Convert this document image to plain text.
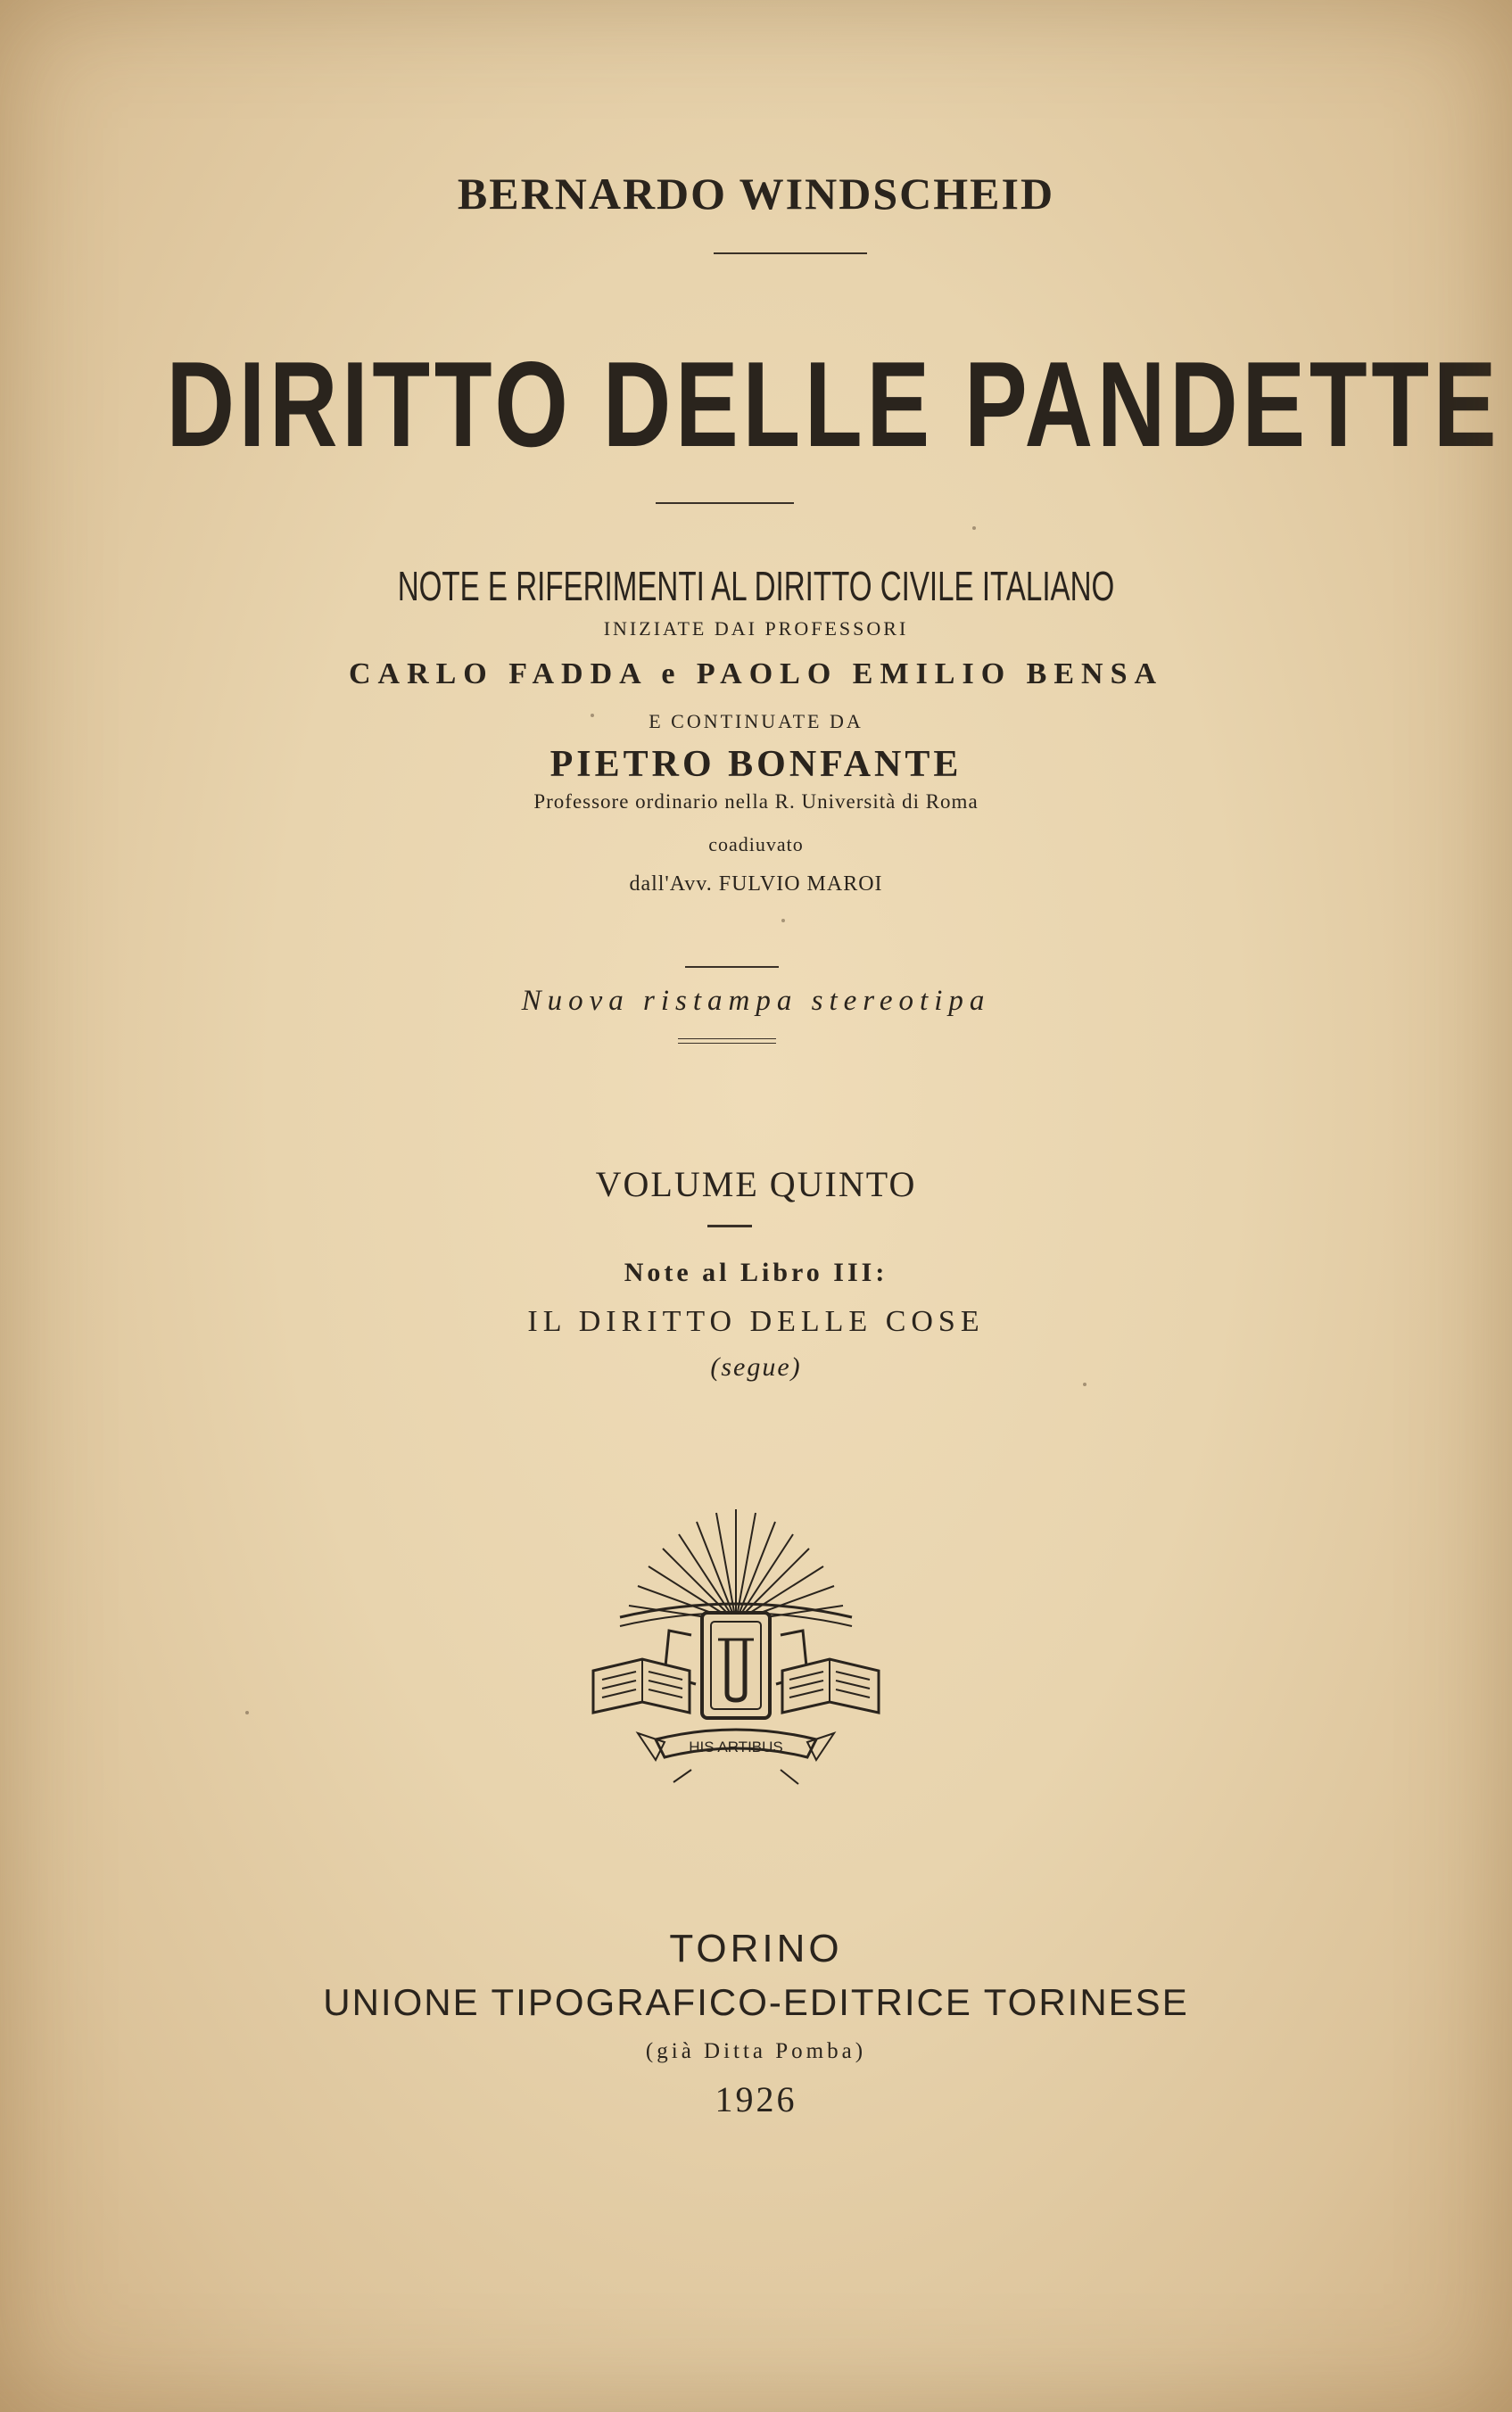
BERNARDO WINDSCHEID
DIRITTO DELLE PANDETTE
NOTE E RIFERIMENTI AL DIRITTO CIVILE ITALIANO
INIZIATE DAI PROFESSORI
CARLO FADDA e PAOLO EMILIO BENSA
E CONTINUATE DA
PIETRO BONFANTE
Professore ordinario nella R. Università di Roma
coadiuvato
dall'Avv. FULVIO MAROI
Nuova ristampa stereotipa
VOLUME QUINTO
Note al Libro III:
IL DIRITTO DELLE COSE
(segue)
HIS ARTIBUS
TORINO
UNIONE TIPOGRAFICO-EDITRICE TORINESE
(già Ditta Pomba)
1926
